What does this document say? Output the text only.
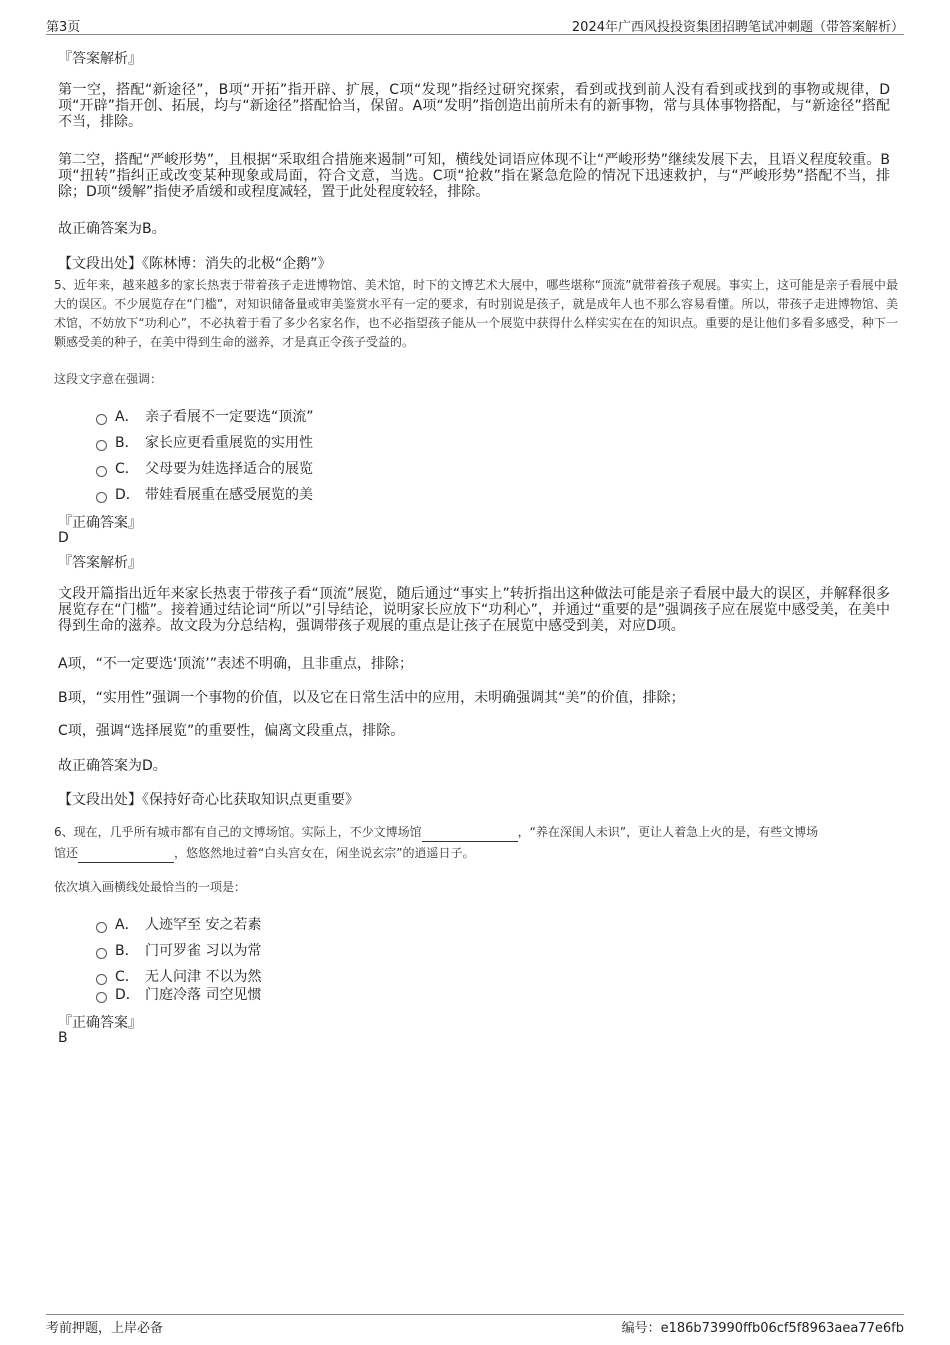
第3页	2024年广西风投投资集团招聘笔试冲刺题（带答案解析）
『答案解析』
第一空，搭配“新途径”，B项“开拓”指开辟、扩展，C项“发现”指经过研究探索，看到或找到前人没有看到或找到的事物或规律，D项“开辟”指开创、拓展，均与“新途径”搭配恰当，保留。A项“发明”指创造出前所未有的新事物，常与具体事物搭配，与“新途径”搭配不当，排除。
第二空，搭配“严峻形势”，且根据“采取组合措施来遏制”可知，横线处词语应体现不让“严峻形势”继续发展下去，且语义程度较重。B项“扭转”指纠正或改变某种现象或局面，符合文意，当选。C项“抢救”指在紧急危险的情况下迅速救护，与“严峻形势”搭配不当，排除；D项“缓解”指使矛盾缓和或程度减轻，置于此处程度较轻，排除。
故正确答案为B。
【文段出处】《陈林博：消失的北极“企鹅”》
5、近年来，越来越多的家长热衷于带着孩子走进博物馆、美术馆，时下的文博艺术大展中，哪些堪称“顶流”就带着孩子观展。事实上，这可能是亲子看展中最大的误区。不少展览存在“门槛”，对知识储备量或审美鉴赏水平有一定的要求，有时别说是孩子，就是成年人也不那么容易看懂。所以，带孩子走进博物馆、美术馆，不妨放下“功利心”，不必执着于看了多少名家名作，也不必指望孩子能从一个展览中获得什么样实实在在的知识点。重要的是让他们多看多感受，种下一颗感受美的种子，在美中得到生命的滋养，才是真正令孩子受益的。
这段文字意在强调：
A． 亲子看展不一定要选“顶流”
B． 家长应更看重展览的实用性
C． 父母要为娃选择适合的展览
D． 带娃看展重在感受展览的美
『正确答案』
D
『答案解析』
文段开篇指出近年来家长热衷于带孩子看“顶流”展览，随后通过“事实上”转折指出这种做法可能是亲子看展中最大的误区，并解释很多展览存在“门槛”。接着通过结论词“所以”引导结论，说明家长应放下“功利心”，并通过“重要的是”强调孩子应在展览中感受美，在美中得到生命的滋养。故文段为分总结构，强调带孩子观展的重点是让孩子在展览中感受到美，对应D项。
A项，“不一定要选‘顶流’”表述不明确，且非重点，排除；
B项，“实用性”强调一个事物的价值，以及它在日常生活中的应用，未明确强调其“美”的价值，排除；
C项，强调“选择展览”的重要性，偏离文段重点，排除。
故正确答案为D。
【文段出处】《保持好奇心比获取知识点更重要》
6、现在，几乎所有城市都有自己的文博场馆。实际上，不少文博场馆	，“养在深闺人未识”，更让人着急上火的是，有些文博场
馆还	，悠悠然地过着“白头宫女在，闲坐说玄宗”的逍遥日子。
依次填入画横线处最恰当的一项是：
A． 人迹罕至 安之若素
B． 门可罗雀 习以为常
C． 无人问津 不以为然
D． 门庭冷落 司空见惯
『正确答案』
B
考前押题，上岸必备	编号：e186b73990ffb06cf5f8963aea77e6fb
